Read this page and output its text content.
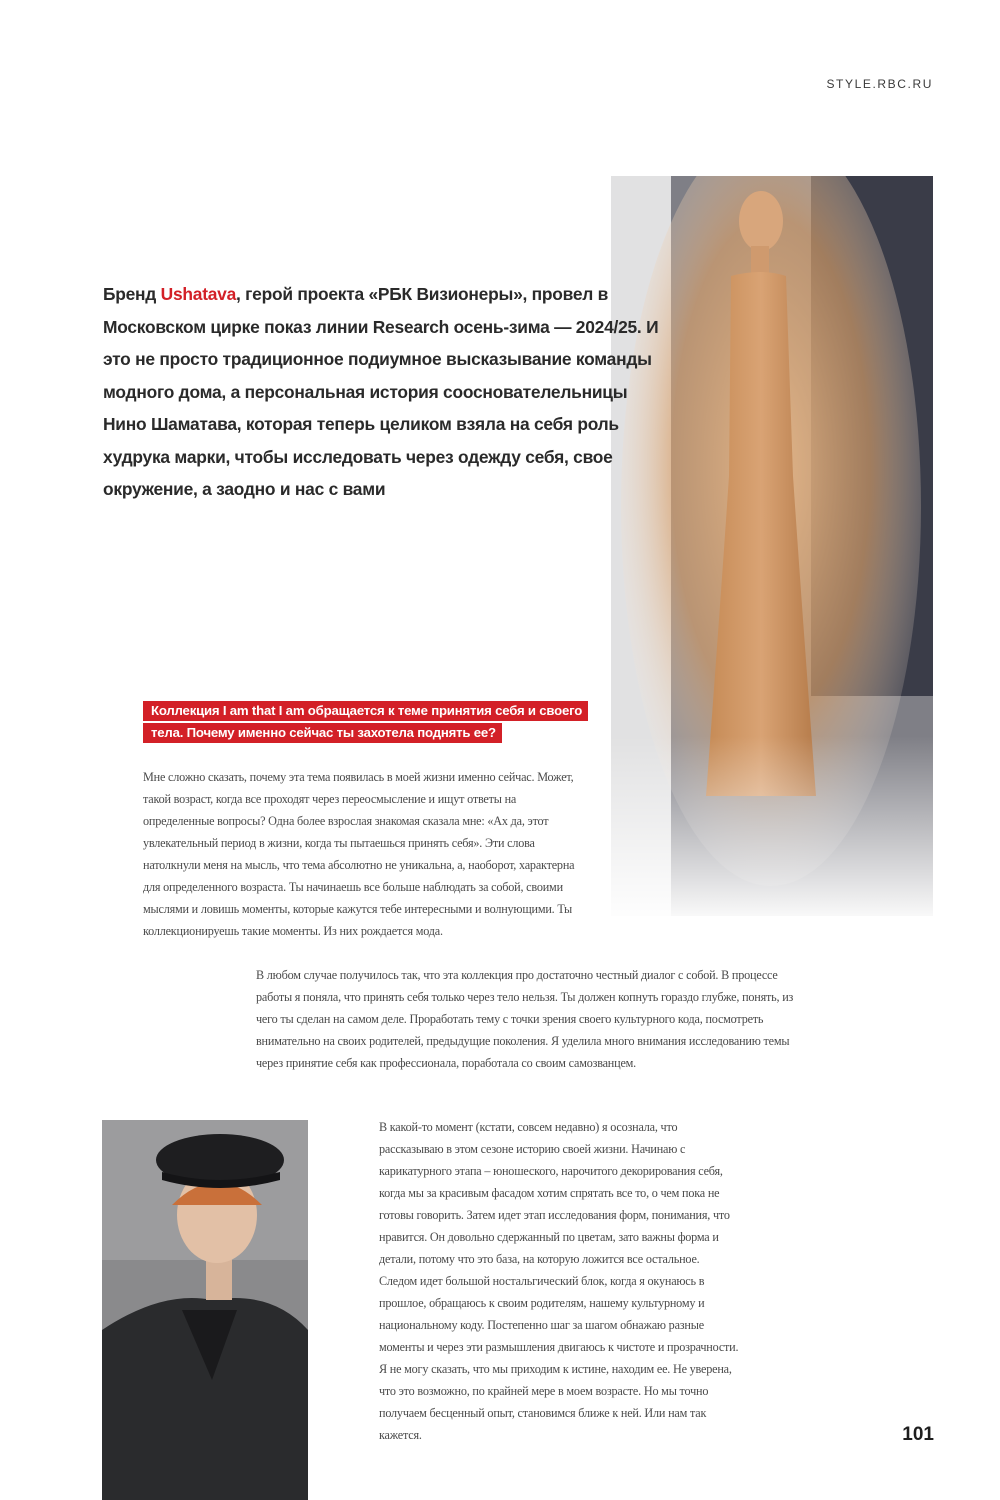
STYLE.RBC.RU
Бренд Ushatava, герой проекта «РБК Визионеры», провел в Московском цирке показ линии Research осень-зима — 2024/25. И это не просто традиционное подиумное высказывание команды модного дома, а персональная история сооснователельницы Нино Шаматава, которая теперь целиком взяла на себя роль худрука марки, чтобы исследовать через одежду себя, свое окружение, а заодно и нас с вами
Коллекция I am that I am обращается к теме принятия себя и своего тела. Почему именно сейчас ты захотела поднять ее?
Мне сложно сказать, почему эта тема появилась в моей жизни именно сейчас. Может, такой возраст, когда все проходят через переосмысление и ищут ответы на определенные вопросы? Одна более взрослая знакомая сказала мне: «Ах да, этот увлекательный период в жизни, когда ты пытаешься принять себя». Эти слова натолкнули меня на мысль, что тема абсолютно не уникальна, а, наоборот, характерна для определенного возраста. Ты начинаешь все больше наблюдать за собой, своими мыслями и ловишь моменты, которые кажутся тебе интересными и волнующими. Ты коллекционируешь такие моменты. Из них рождается мода.
В любом случае получилось так, что эта коллекция про достаточно честный диалог с собой. В процессе работы я поняла, что принять себя только через тело нельзя. Ты должен копнуть гораздо глубже, понять, из чего ты сделан на самом деле. Проработать тему с точки зрения своего культурного кода, посмотреть внимательно на своих родителей, предыдущие поколения. Я уделила много внимания исследованию темы через принятие себя как профессионала, поработала со своим самозванцем.
В какой-то момент (кстати, совсем недавно) я осознала, что рассказываю в этом сезоне историю своей жизни. Начинаю с карикатурного этапа – юношеского, нарочитого декорирования себя, когда мы за красивым фасадом хотим спрятать все то, о чем пока не готовы говорить. Затем идет этап исследования форм, понимания, что нравится. Он довольно сдержанный по цветам, зато важны форма и детали, потому что это база, на которую ложится все остальное. Следом идет большой ностальгический блок, когда я окунаюсь в прошлое, обращаюсь к своим родителям, нашему культурному и национальному коду. Постепенно шаг за шагом обнажаю разные моменты и через эти размышления двигаюсь к чистоте и прозрачности. Я не могу сказать, что мы приходим к истине, находим ее. Не уверена, что это возможно, по крайней мере в моем возрасте. Но мы точно получаем бесценный опыт, становимся ближе к ней. Или нам так кажется.	101
